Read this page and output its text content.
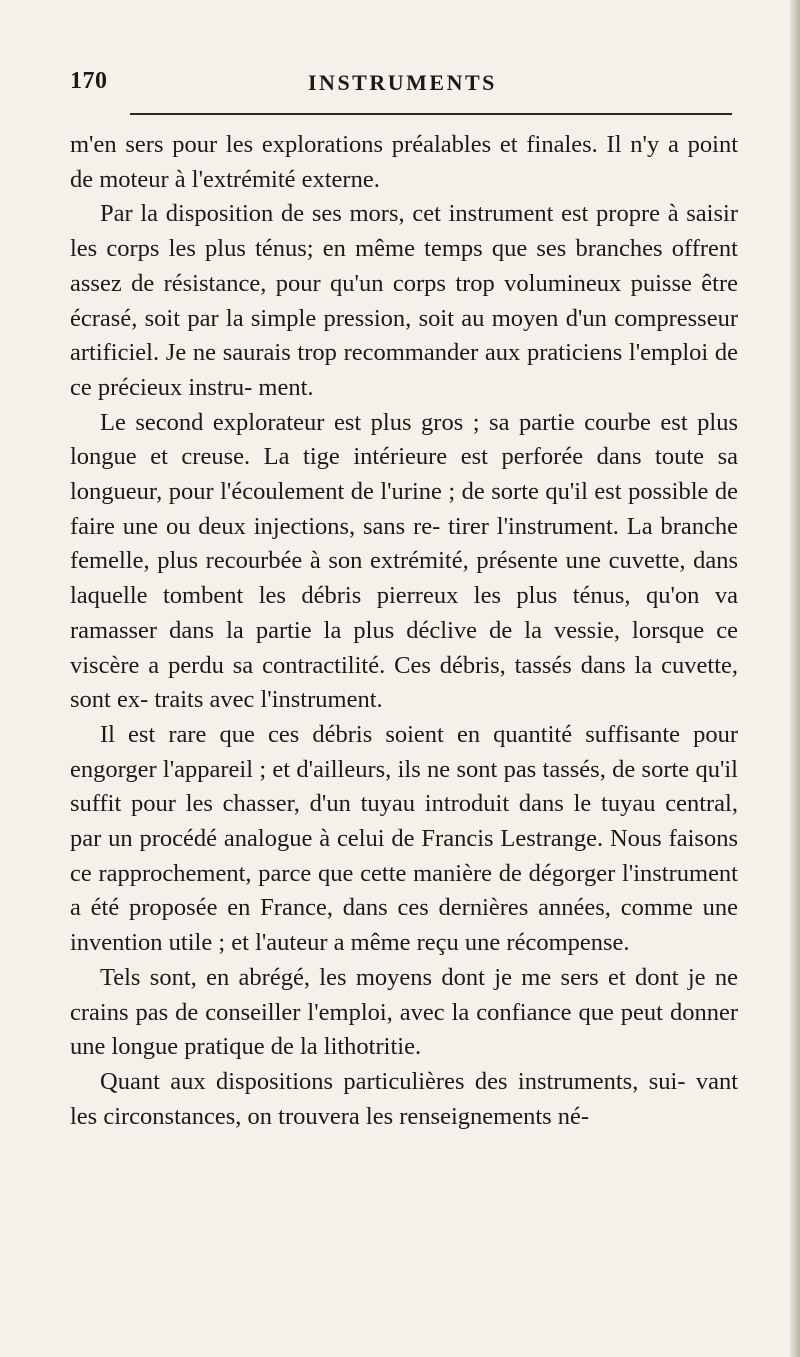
170	INSTRUMENTS

m'en sers pour les explorations préalables et finales. Il n'y a point de moteur à l'extrémité externe.

Par la disposition de ses mors, cet instrument est propre à saisir les corps les plus ténus; en même temps que ses branches offrent assez de résistance, pour qu'un corps trop volumineux puisse être écrasé, soit par la simple pression, soit au moyen d'un compresseur artificiel. Je ne saurais trop recommander aux praticiens l'emploi de ce précieux instru- ment.

Le second explorateur est plus gros ; sa partie courbe est plus longue et creuse. La tige intérieure est perforée dans toute sa longueur, pour l'écoulement de l'urine ; de sorte qu'il est possible de faire une ou deux injections, sans re- tirer l'instrument. La branche femelle, plus recourbée à son extrémité, présente une cuvette, dans laquelle tombent les débris pierreux les plus ténus, qu'on va ramasser dans la partie la plus déclive de la vessie, lorsque ce viscère a perdu sa contractilité. Ces débris, tassés dans la cuvette, sont ex- traits avec l'instrument.

Il est rare que ces débris soient en quantité suffisante pour engorger l'appareil ; et d'ailleurs, ils ne sont pas tassés, de sorte qu'il suffit pour les chasser, d'un tuyau introduit dans le tuyau central, par un procédé analogue à celui de Francis Lestrange. Nous faisons ce rapprochement, parce que cette manière de dégorger l'instrument a été proposée en France, dans ces dernières années, comme une invention utile ; et l'auteur a même reçu une récompense.

Tels sont, en abrégé, les moyens dont je me sers et dont je ne crains pas de conseiller l'emploi, avec la confiance que peut donner une longue pratique de la lithotritie.

Quant aux dispositions particulières des instruments, sui- vant les circonstances, on trouvera les renseignements né-
